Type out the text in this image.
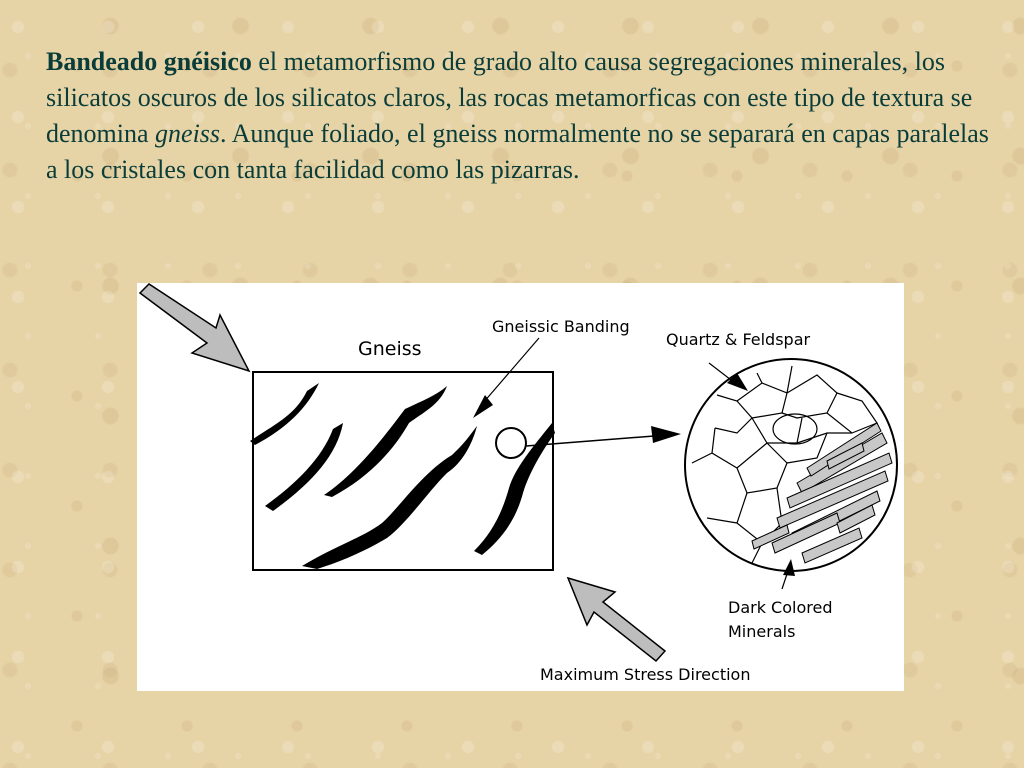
Bandeado gnéisico el metamorfismo de grado alto causa segregaciones minerales, los silicatos oscuros de los silicatos claros, las rocas metamorficas con este tipo de textura se denomina gneiss. Aunque foliado, el gneiss normalmente no se separará en capas paralelas a los cristales con tanta facilidad como las pizarras.
Gneiss
Gneissic Banding
Quartz & Feldspar
Dark Colored
Minerals
Maximum Stress Direction
